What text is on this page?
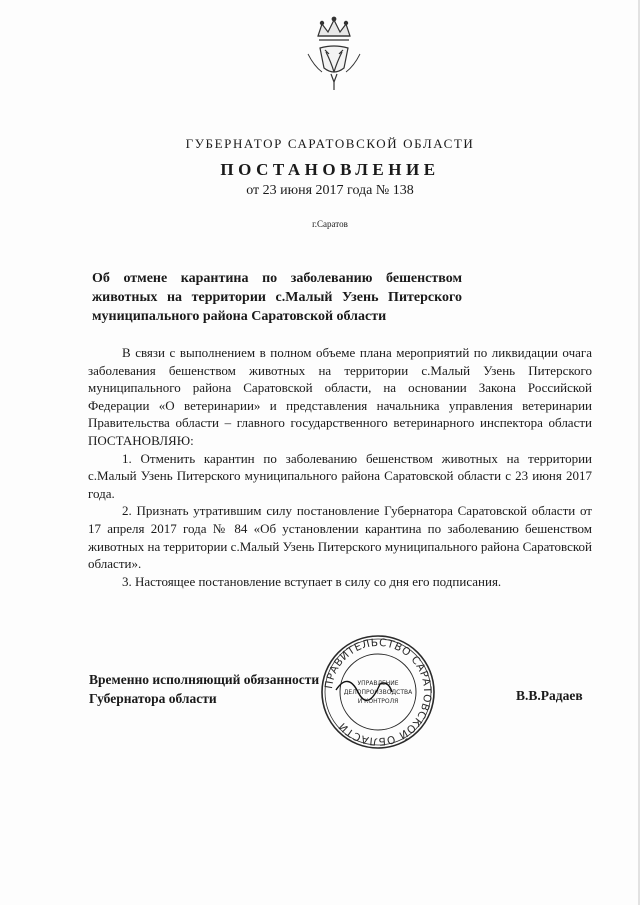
ГУБЕРНАТОР САРАТОВСКОЙ ОБЛАСТИ
ПОСТАНОВЛЕНИЕ
от 23 июня 2017 года № 138
г.Саратов
Об отмене карантина по заболеванию бешенством животных на территории с.Малый Узень Питерского муниципального района Саратовской области

В связи с выполнением в полном объеме плана мероприятий по ликвидации очага заболевания бешенством животных на территории с.Малый Узень Питерского муниципального района Саратовской области, на основании Закона Российской Федерации «О ветеринарии» и представления начальника управления ветеринарии Правительства области – главного государственного ветеринарного инспектора области ПОСТАНОВЛЯЮ:

1. Отменить карантин по заболеванию бешенством животных на территории с.Малый Узень Питерского муниципального района Саратовской области с 23 июня 2017 года.

2. Признать утратившим силу постановление Губернатора Саратовской области от 17 апреля 2017 года № 84 «Об установлении карантина по заболеванию бешенством животных на территории с.Малый Узень Питерского муниципального района Саратовской области».

3. Настоящее постановление вступает в силу со дня его подписания.

Временно исполняющий обязанности
Губернатора области	В.В.Радаев
ПРАВИТЕЛЬСТВО САРАТОВСКОЙ ОБЛАСТИ
УПРАВЛЕНИЕ
ДЕЛОПРОИЗВОДСТВА
И КОНТРОЛЯ
